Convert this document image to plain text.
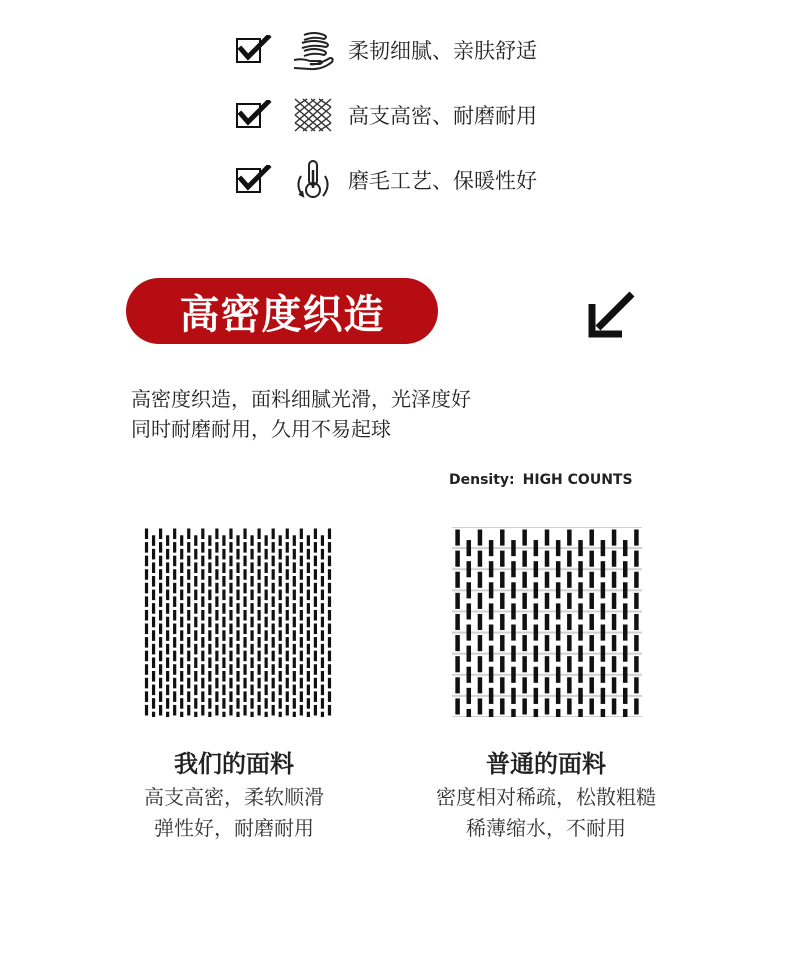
柔韧细腻、亲肤舒适
高支高密、耐磨耐用
磨毛工艺、保暖性好
高密度织造
高密度织造，面料细腻光滑，光泽度好
同时耐磨耐用，久用不易起球
Density: HIGH COUNTS
我们的面料
高支高密，柔软顺滑
弹性好，耐磨耐用
普通的面料
密度相对稀疏，松散粗糙
稀薄缩水，不耐用
